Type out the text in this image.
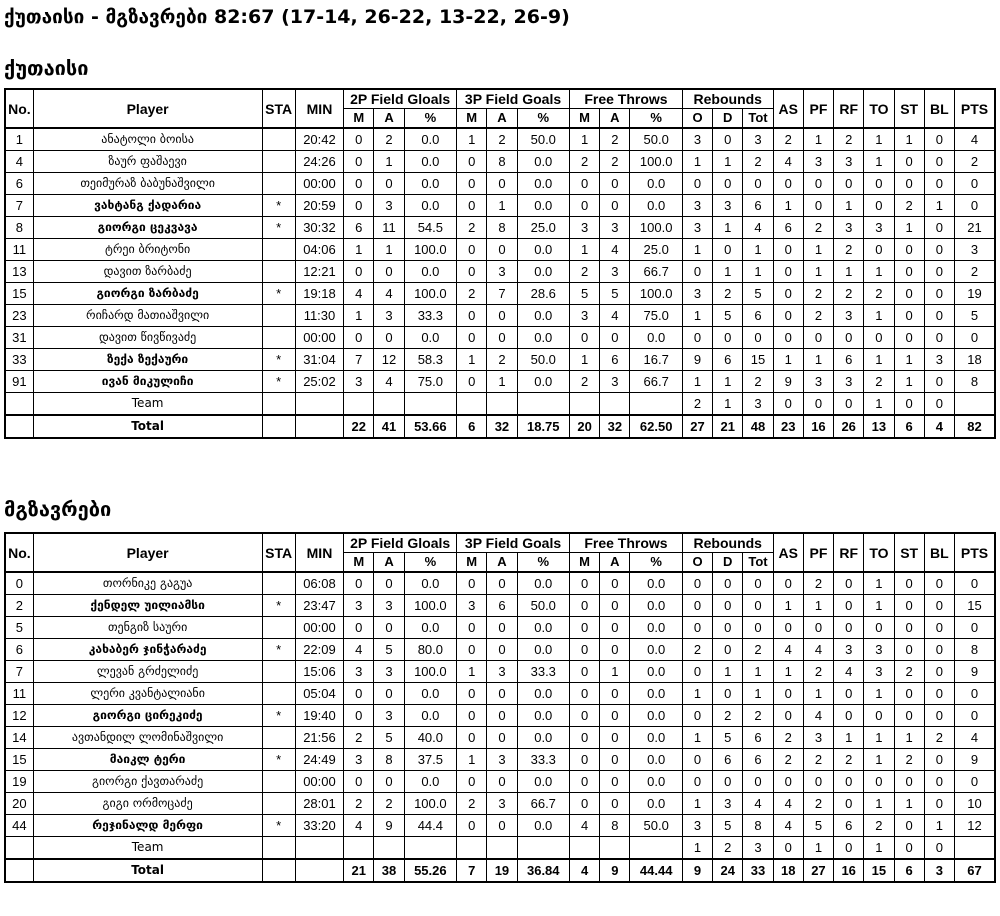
ქუთაისი - მგზავრები 82:67 (17-14, 26-22, 13-22, 26-9)
ქუთაისი
No.	Player	STA	MIN	2P Field Gloals			3P Field Goals			Free Throws			Rebounds			AS	PF	RF	TO	ST	BL	PTS
				M	A	%	M	A	%	M	A	%	O	D	Tot							
1	ანატოლი ბოისა		20:42	0	2	0.0	1	2	50.0	1	2	50.0	3	0	3	2	1	2	1	1	0	4
4	ზაურ ფაშაევი		24:26	0	1	0.0	0	8	0.0	2	2	100.0	1	1	2	4	3	3	1	0	0	2
6	თეიმურაზ ბაბუნაშვილი		00:00	0	0	0.0	0	0	0.0	0	0	0.0	0	0	0	0	0	0	0	0	0	0
7	ვახტანგ ქადარია	*	20:59	0	3	0.0	0	1	0.0	0	0	0.0	3	3	6	1	0	1	0	2	1	0
8	გიორგი ცეკვავა	*	30:32	6	11	54.5	2	8	25.0	3	3	100.0	3	1	4	6	2	3	3	1	0	21
11	ტრეი ბრიტონი		04:06	1	1	100.0	0	0	0.0	1	4	25.0	1	0	1	0	1	2	0	0	0	3
13	დავით ზარბაძე		12:21	0	0	0.0	0	3	0.0	2	3	66.7	0	1	1	0	1	1	1	0	0	2
15	გიორგი ზარბაძე	*	19:18	4	4	100.0	2	7	28.6	5	5	100.0	3	2	5	0	2	2	2	0	0	19
23	რიჩარდ მათიაშვილი		11:30	1	3	33.3	0	0	0.0	3	4	75.0	1	5	6	0	2	3	1	0	0	5
31	დავით წივწივაძე		00:00	0	0	0.0	0	0	0.0	0	0	0.0	0	0	0	0	0	0	0	0	0	0
33	ზექა ზექაური	*	31:04	7	12	58.3	1	2	50.0	1	6	16.7	9	6	15	1	1	6	1	1	3	18
91	ივან მიკულიჩი	*	25:02	3	4	75.0	0	1	0.0	2	3	66.7	1	1	2	9	3	3	2	1	0	8
	Team												2	1	3	0	0	0	1	0	0	
	Total			22	41	53.66	6	32	18.75	20	32	62.50	27	21	48	23	16	26	13	6	4	82
მგზავრები
No.	Player	STA	MIN	2P Field Gloals			3P Field Goals			Free Throws			Rebounds			AS	PF	RF	TO	ST	BL	PTS
				M	A	%	M	A	%	M	A	%	O	D	Tot							
0	თორნიკე გაგუა		06:08	0	0	0.0	0	0	0.0	0	0	0.0	0	0	0	0	2	0	1	0	0	0
2	ქენდელ უილიამსი	*	23:47	3	3	100.0	3	6	50.0	0	0	0.0	0	0	0	1	1	0	1	0	0	15
5	თენგიზ საური		00:00	0	0	0.0	0	0	0.0	0	0	0.0	0	0	0	0	0	0	0	0	0	0
6	კახაბერ ჯინჭარაძე	*	22:09	4	5	80.0	0	0	0.0	0	0	0.0	2	0	2	4	4	3	3	0	0	8
7	ლევან გრძელიძე		15:06	3	3	100.0	1	3	33.3	0	1	0.0	0	1	1	1	2	4	3	2	0	9
11	ლერი კვანტალიანი		05:04	0	0	0.0	0	0	0.0	0	0	0.0	1	0	1	0	1	0	1	0	0	0
12	გიორგი ცირეკიძე	*	19:40	0	3	0.0	0	0	0.0	0	0	0.0	0	2	2	0	4	0	0	0	0	0
14	ავთანდილ ლომინაშვილი		21:56	2	5	40.0	0	0	0.0	0	0	0.0	1	5	6	2	3	1	1	1	2	4
15	მაიკლ ტერი	*	24:49	3	8	37.5	1	3	33.3	0	0	0.0	0	6	6	2	2	2	1	2	0	9
19	გიორგი ქავთარაძე		00:00	0	0	0.0	0	0	0.0	0	0	0.0	0	0	0	0	0	0	0	0	0	0
20	გიგი ორმოცაძე		28:01	2	2	100.0	2	3	66.7	0	0	0.0	1	3	4	4	2	0	1	1	0	10
44	რეჯინალდ მერფი	*	33:20	4	9	44.4	0	0	0.0	4	8	50.0	3	5	8	4	5	6	2	0	1	12
	Team												1	2	3	0	1	0	1	0	0	
	Total			21	38	55.26	7	19	36.84	4	9	44.44	9	24	33	18	27	16	15	6	3	67
